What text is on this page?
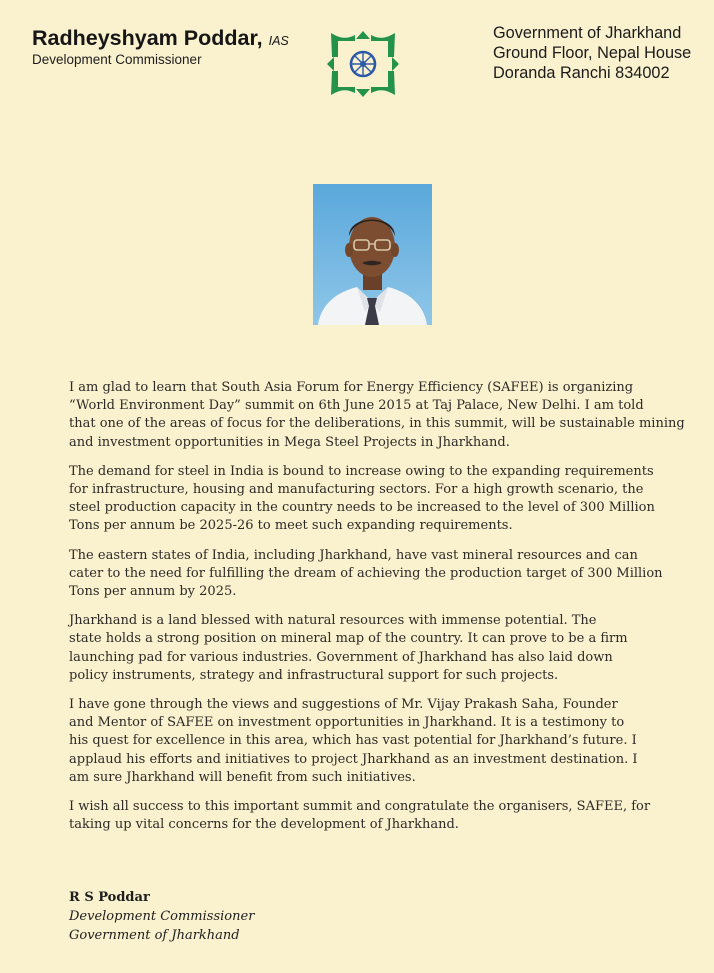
Radheyshyam Poddar, IAS
Development Commissioner
Government of Jharkhand
Ground Floor, Nepal House
Doranda Ranchi 834002

I am glad to learn that South Asia Forum for Energy Efficiency (SAFEE) is organizing
“World Environment Day” summit on 6th June 2015 at Taj Palace, New Delhi. I am told
that one of the areas of focus for the deliberations, in this summit, will be sustainable mining
and investment opportunities in Mega Steel Projects in Jharkhand.

The demand for steel in India is bound to increase owing to the expanding requirements
for infrastructure, housing and manufacturing sectors. For a high growth scenario, the
steel production capacity in the country needs to be increased to the level of 300 Million
Tons per annum be 2025-26 to meet such expanding requirements.

The eastern states of India, including Jharkhand, have vast mineral resources and can
cater to the need for fulfilling the dream of achieving the production target of 300 Million
Tons per annum by 2025.

Jharkhand is a land blessed with natural resources with immense potential. The
state holds a strong position on mineral map of the country. It can prove to be a firm
launching pad for various industries. Government of Jharkhand has also laid down
policy instruments, strategy and infrastructural support for such projects.

I have gone through the views and suggestions of Mr. Vijay Prakash Saha, Founder
and Mentor of SAFEE on investment opportunities in Jharkhand. It is a testimony to
his quest for excellence in this area, which has vast potential for Jharkhand’s future. I
applaud his efforts and initiatives to project Jharkhand as an investment destination. I
am sure Jharkhand will benefit from such initiatives.

I wish all success to this important summit and congratulate the organisers, SAFEE, for
taking up vital concerns for the development of Jharkhand.

R S Poddar
Development Commissioner
Government of Jharkhand
